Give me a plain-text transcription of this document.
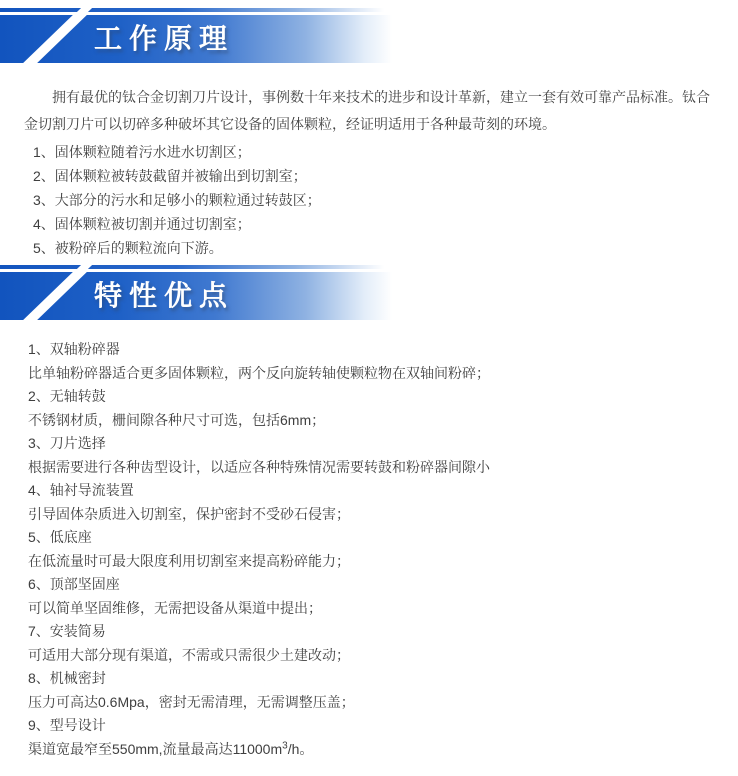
工作原理

拥有最优的钛合金切割刀片设计，事例数十年来技术的进步和设计革新，建立一套有效可靠产品标准。钛合金切割刀片可以切碎多种破坏其它设备的固体颗粒，经证明适用于各种最苛刻的环境。

1、固体颗粒随着污水进水切割区；
2、固体颗粒被转鼓截留并被输出到切割室；
3、大部分的污水和足够小的颗粒通过转鼓区；
4、固体颗粒被切割并通过切割室；
5、被粉碎后的颗粒流向下游。
特性优点
1、双轴粉碎器
比单轴粉碎器适合更多固体颗粒，两个反向旋转轴使颗粒物在双轴间粉碎；
2、无轴转鼓
不锈钢材质，栅间隙各种尺寸可选，包括6mm；
3、刀片选择
根据需要进行各种齿型设计，以适应各种特殊情况需要转鼓和粉碎器间隙小
4、轴衬导流装置
引导固体杂质进入切割室，保护密封不受砂石侵害；
5、低底座
在低流量时可最大限度利用切割室来提高粉碎能力；
6、顶部坚固座
可以简单坚固维修，无需把设备从渠道中提出；
7、安装简易
可适用大部分现有渠道，不需或只需很少土建改动；
8、机械密封
压力可高达0.6Mpa，密封无需清理，无需调整压盖；
9、型号设计
渠道宽最窄至550mm,流量最高达$11000m^3/h$。
